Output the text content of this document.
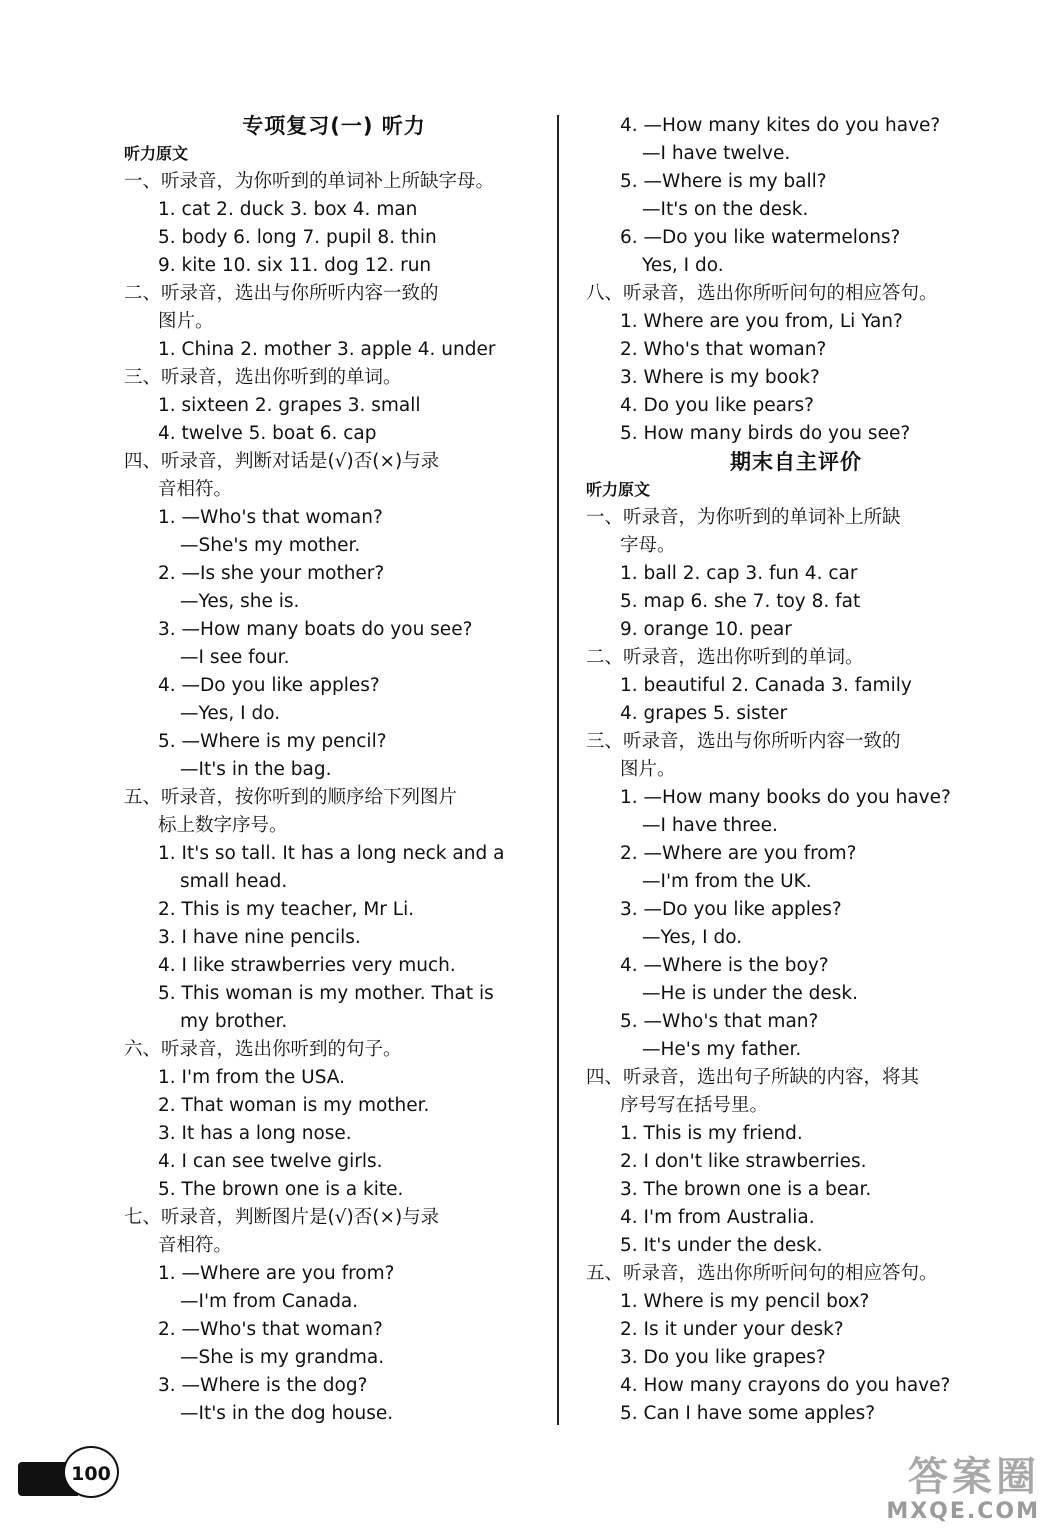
专项复习(一) 听力
听力原文
一、听录音，为你听到的单词补上所缺字母。
1. cat 2. duck 3. box 4. man
5. body 6. long 7. pupil 8. thin
9. kite 10. six 11. dog 12. run
二、听录音，选出与你所听内容一致的
图片。
1. China 2. mother 3. apple 4. under
三、听录音，选出你听到的单词。
1. sixteen 2. grapes 3. small
4. twelve 5. boat 6. cap
四、听录音，判断对话是(√)否(×)与录
音相符。
1. —Who's that woman?
—She's my mother.
2. —Is she your mother?
—Yes, she is.
3. —How many boats do you see?
—I see four.
4. —Do you like apples?
—Yes, I do.
5. —Where is my pencil?
—It's in the bag.
五、听录音，按你听到的顺序给下列图片
标上数字序号。
1. It's so tall. It has a long neck and a
small head.
2. This is my teacher, Mr Li.
3. I have nine pencils.
4. I like strawberries very much.
5. This woman is my mother. That is
my brother.
六、听录音，选出你听到的句子。
1. I'm from the USA.
2. That woman is my mother.
3. It has a long nose.
4. I can see twelve girls.
5. The brown one is a kite.
七、听录音，判断图片是(√)否(×)与录
音相符。
1. —Where are you from?
—I'm from Canada.
2. —Who's that woman?
—She is my grandma.
3. —Where is the dog?
—It's in the dog house.
4. —How many kites do you have?
—I have twelve.
5. —Where is my ball?
—It's on the desk.
6. —Do you like watermelons?
Yes, I do.
八、听录音，选出你所听问句的相应答句。
1. Where are you from, Li Yan?
2. Who's that woman?
3. Where is my book?
4. Do you like pears?
5. How many birds do you see?
期末自主评价
听力原文
一、听录音，为你听到的单词补上所缺
字母。
1. ball 2. cap 3. fun 4. car
5. map 6. she 7. toy 8. fat
9. orange 10. pear
二、听录音，选出你听到的单词。
1. beautiful 2. Canada 3. family
4. grapes 5. sister
三、听录音，选出与你所听内容一致的
图片。
1. —How many books do you have?
—I have three.
2. —Where are you from?
—I'm from the UK.
3. —Do you like apples?
—Yes, I do.
4. —Where is the boy?
—He is under the desk.
5. —Who's that man?
—He's my father.
四、听录音，选出句子所缺的内容，将其
序号写在括号里。
1. This is my friend.
2. I don't like strawberries.
3. The brown one is a bear.
4. I'm from Australia.
5. It's under the desk.
五、听录音，选出你所听问句的相应答句。
1. Where is my pencil box?
2. Is it under your desk?
3. Do you like grapes?
4. How many crayons do you have?
5. Can I have some apples?
100	答案圈
MXQE.COM
